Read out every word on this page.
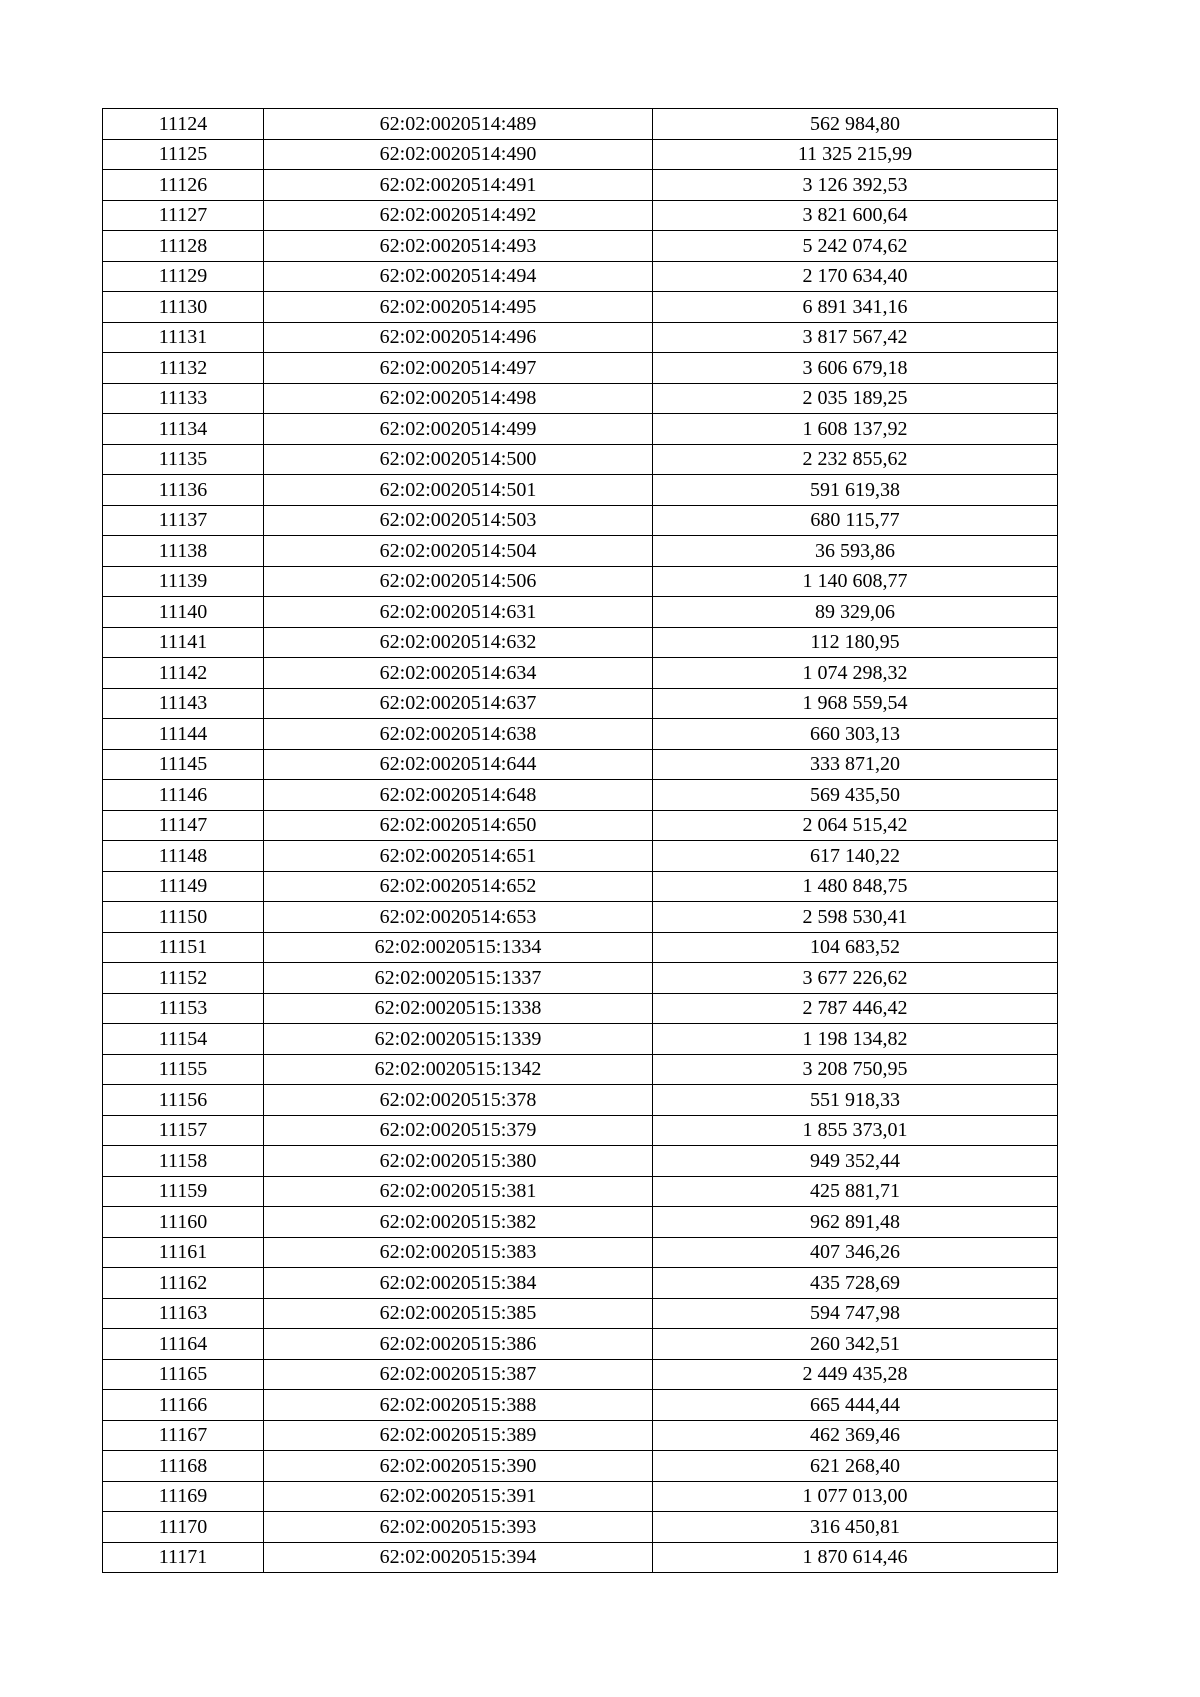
11124	62:02:0020514:489	562 984,80
11125	62:02:0020514:490	11 325 215,99
11126	62:02:0020514:491	3 126 392,53
11127	62:02:0020514:492	3 821 600,64
11128	62:02:0020514:493	5 242 074,62
11129	62:02:0020514:494	2 170 634,40
11130	62:02:0020514:495	6 891 341,16
11131	62:02:0020514:496	3 817 567,42
11132	62:02:0020514:497	3 606 679,18
11133	62:02:0020514:498	2 035 189,25
11134	62:02:0020514:499	1 608 137,92
11135	62:02:0020514:500	2 232 855,62
11136	62:02:0020514:501	591 619,38
11137	62:02:0020514:503	680 115,77
11138	62:02:0020514:504	36 593,86
11139	62:02:0020514:506	1 140 608,77
11140	62:02:0020514:631	89 329,06
11141	62:02:0020514:632	112 180,95
11142	62:02:0020514:634	1 074 298,32
11143	62:02:0020514:637	1 968 559,54
11144	62:02:0020514:638	660 303,13
11145	62:02:0020514:644	333 871,20
11146	62:02:0020514:648	569 435,50
11147	62:02:0020514:650	2 064 515,42
11148	62:02:0020514:651	617 140,22
11149	62:02:0020514:652	1 480 848,75
11150	62:02:0020514:653	2 598 530,41
11151	62:02:0020515:1334	104 683,52
11152	62:02:0020515:1337	3 677 226,62
11153	62:02:0020515:1338	2 787 446,42
11154	62:02:0020515:1339	1 198 134,82
11155	62:02:0020515:1342	3 208 750,95
11156	62:02:0020515:378	551 918,33
11157	62:02:0020515:379	1 855 373,01
11158	62:02:0020515:380	949 352,44
11159	62:02:0020515:381	425 881,71
11160	62:02:0020515:382	962 891,48
11161	62:02:0020515:383	407 346,26
11162	62:02:0020515:384	435 728,69
11163	62:02:0020515:385	594 747,98
11164	62:02:0020515:386	260 342,51
11165	62:02:0020515:387	2 449 435,28
11166	62:02:0020515:388	665 444,44
11167	62:02:0020515:389	462 369,46
11168	62:02:0020515:390	621 268,40
11169	62:02:0020515:391	1 077 013,00
11170	62:02:0020515:393	316 450,81
11171	62:02:0020515:394	1 870 614,46
